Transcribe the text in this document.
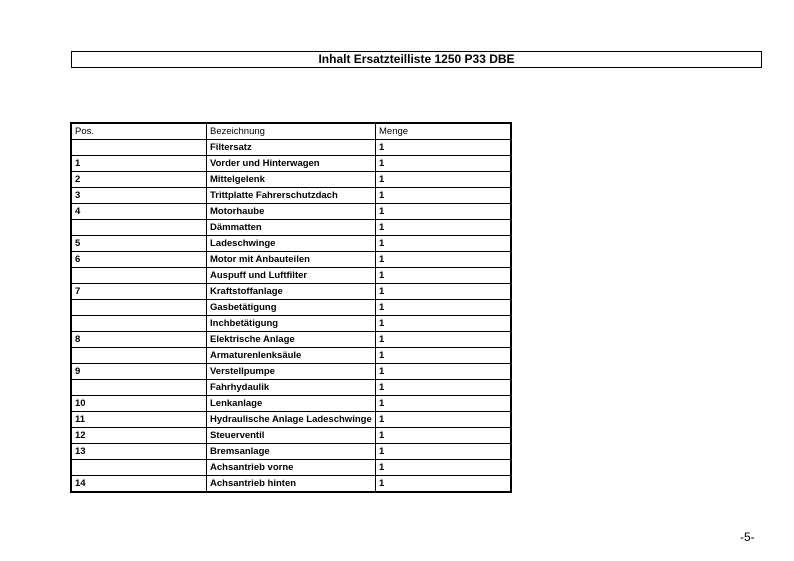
Inhalt Ersatzteilliste 1250 P33 DBE
Pos.	Bezeichnung	Menge
	Filtersatz	1
1	Vorder und Hinterwagen	1
2	Mittelgelenk	1
3	Trittplatte Fahrerschutzdach	1
4	Motorhaube	1
	Dämmatten	1
5	Ladeschwinge	1
6	Motor mit Anbauteilen	1
	Auspuff und Luftfilter	1
7	Kraftstoffanlage	1
	Gasbetätigung	1
	Inchbetätigung	1
8	Elektrische Anlage	1
	Armaturenlenksäule	1
9	Verstellpumpe	1
	Fahrhydaulik	1
10	Lenkanlage	1
11	Hydraulische Anlage Ladeschwinge	1
12	Steuerventil	1
13	Bremsanlage	1
	Achsantrieb vorne	1
14	Achsantrieb hinten	1
-5-
